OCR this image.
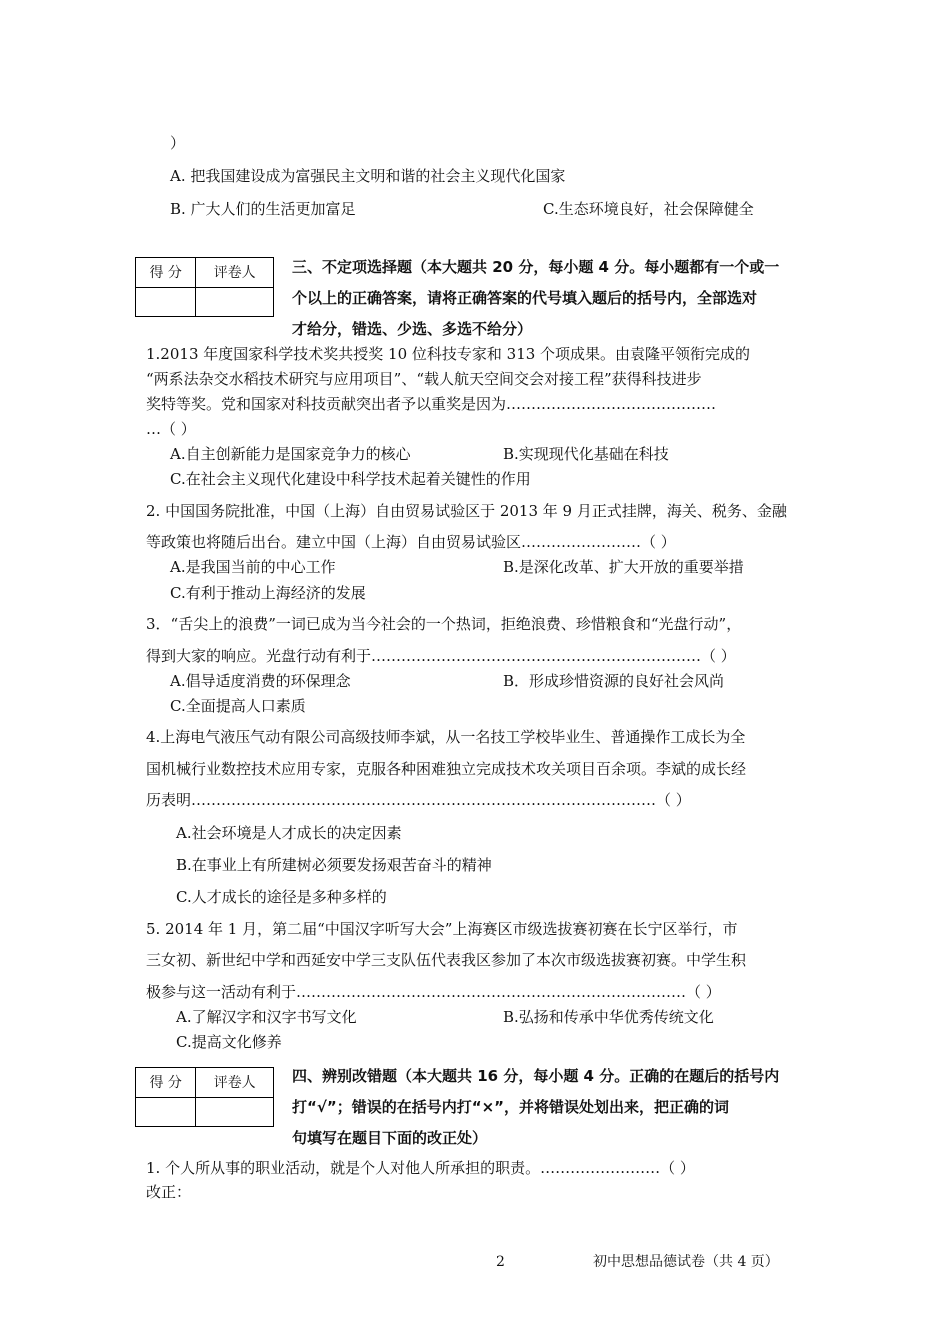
）
A. 把我国建设成为富强民主文明和谐的社会主义现代化国家
B. 广大人们的生活更加富足	C.生态环境良好，社会保障健全
得 分	评卷人
	三、不定项选择题（本大题共 20 分，每小题 4 分。每小题都有一个或一
个以上的正确答案，请将正确答案的代号填入题后的括号内，全部选对
才给分，错选、少选、多选不给分）
1.2013 年度国家科学技术奖共授奖 10 位科技专家和 313 个项成果。由袁隆平领衔完成的
“两系法杂交水稻技术研究与应用项目”、“载人航天空间交会对接工程”获得科技进步
奖特等奖。党和国家对科技贡献突出者予以重奖是因为……………………………………
…（ ）
A.自主创新能力是国家竞争力的核心	B.实现现代化基础在科技
C.在社会主义现代化建设中科学技术起着关键性的作用
2. 中国国务院批准，中国（上海）自由贸易试验区于 2013 年 9 月正式挂牌，海关、税务、金融
等政策也将随后出台。建立中国（上海）自由贸易试验区……………………（ ）
A.是我国当前的中心工作	B.是深化改革、扩大开放的重要举措
C.有利于推动上海经济的发展
3．“舌尖上的浪费”一词已成为当今社会的一个热词，拒绝浪费、珍惜粮食和“光盘行动”，
得到大家的响应。光盘行动有利于…………………………………………………………（ ）
A.倡导适度消费的环保理念	B．形成珍惜资源的良好社会风尚
C.全面提高人口素质
4.上海电气液压气动有限公司高级技师李斌，从一名技工学校毕业生、普通操作工成长为全
国机械行业数控技术应用专家，克服各种困难独立完成技术攻关项目百余项。李斌的成长经
历表明…………………………………………………………………………………（ ）
A.社会环境是人才成长的决定因素
B.在事业上有所建树必须要发扬艰苦奋斗的精神
C.人才成长的途径是多种多样的
5. 2014 年 1 月，第二届“中国汉字听写大会”上海赛区市级选拔赛初赛在长宁区举行，市
三女初、新世纪中学和西延安中学三支队伍代表我区参加了本次市级选拔赛初赛。中学生积
极参与这一活动有利于……………………………………………………………………（ ）
A.了解汉字和汉字书写文化	B.弘扬和传承中华优秀传统文化
C.提高文化修养
得 分	评卷人
	四、辨别改错题（本大题共 16 分，每小题 4 分。正确的在题后的括号内
打“√”；错误的在括号内打“×”，并将错误处划出来，把正确的词
句填写在题目下面的改正处）
1. 个人所从事的职业活动，就是个人对他人所承担的职责。……………………（ ）
改正：
2	初中思想品德试卷（共 4 页）
